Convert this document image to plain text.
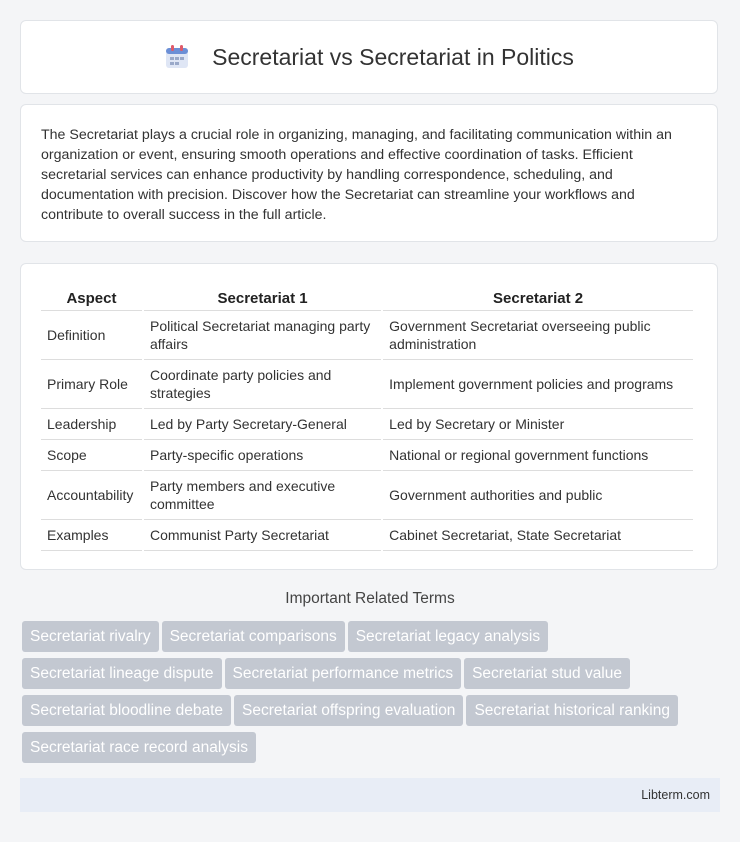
Secretariat vs Secretariat in Politics

The Secretariat plays a crucial role in organizing, managing, and facilitating communication within an organization or event, ensuring smooth operations and effective coordination of tasks. Efficient secretarial services can enhance productivity by handling correspondence, scheduling, and documentation with precision. Discover how the Secretariat can streamline your workflows and contribute to overall success in the full article.

Aspect	Secretariat 1	Secretariat 2
Definition	Political Secretariat managing party affairs	Government Secretariat overseeing public administration
Primary Role	Coordinate party policies and strategies	Implement government policies and programs
Leadership	Led by Party Secretary-General	Led by Secretary or Minister
Scope	Party-specific operations	National or regional government functions
Accountability	Party members and executive committee	Government authorities and public
Examples	Communist Party Secretariat	Cabinet Secretariat, State Secretariat
Important Related Terms
Secretariat rivalry Secretariat comparisons Secretariat legacy analysis
Secretariat lineage dispute Secretariat performance metrics Secretariat stud value
Secretariat bloodline debate Secretariat offspring evaluation Secretariat historical ranking
Secretariat race record analysis
Libterm.com
